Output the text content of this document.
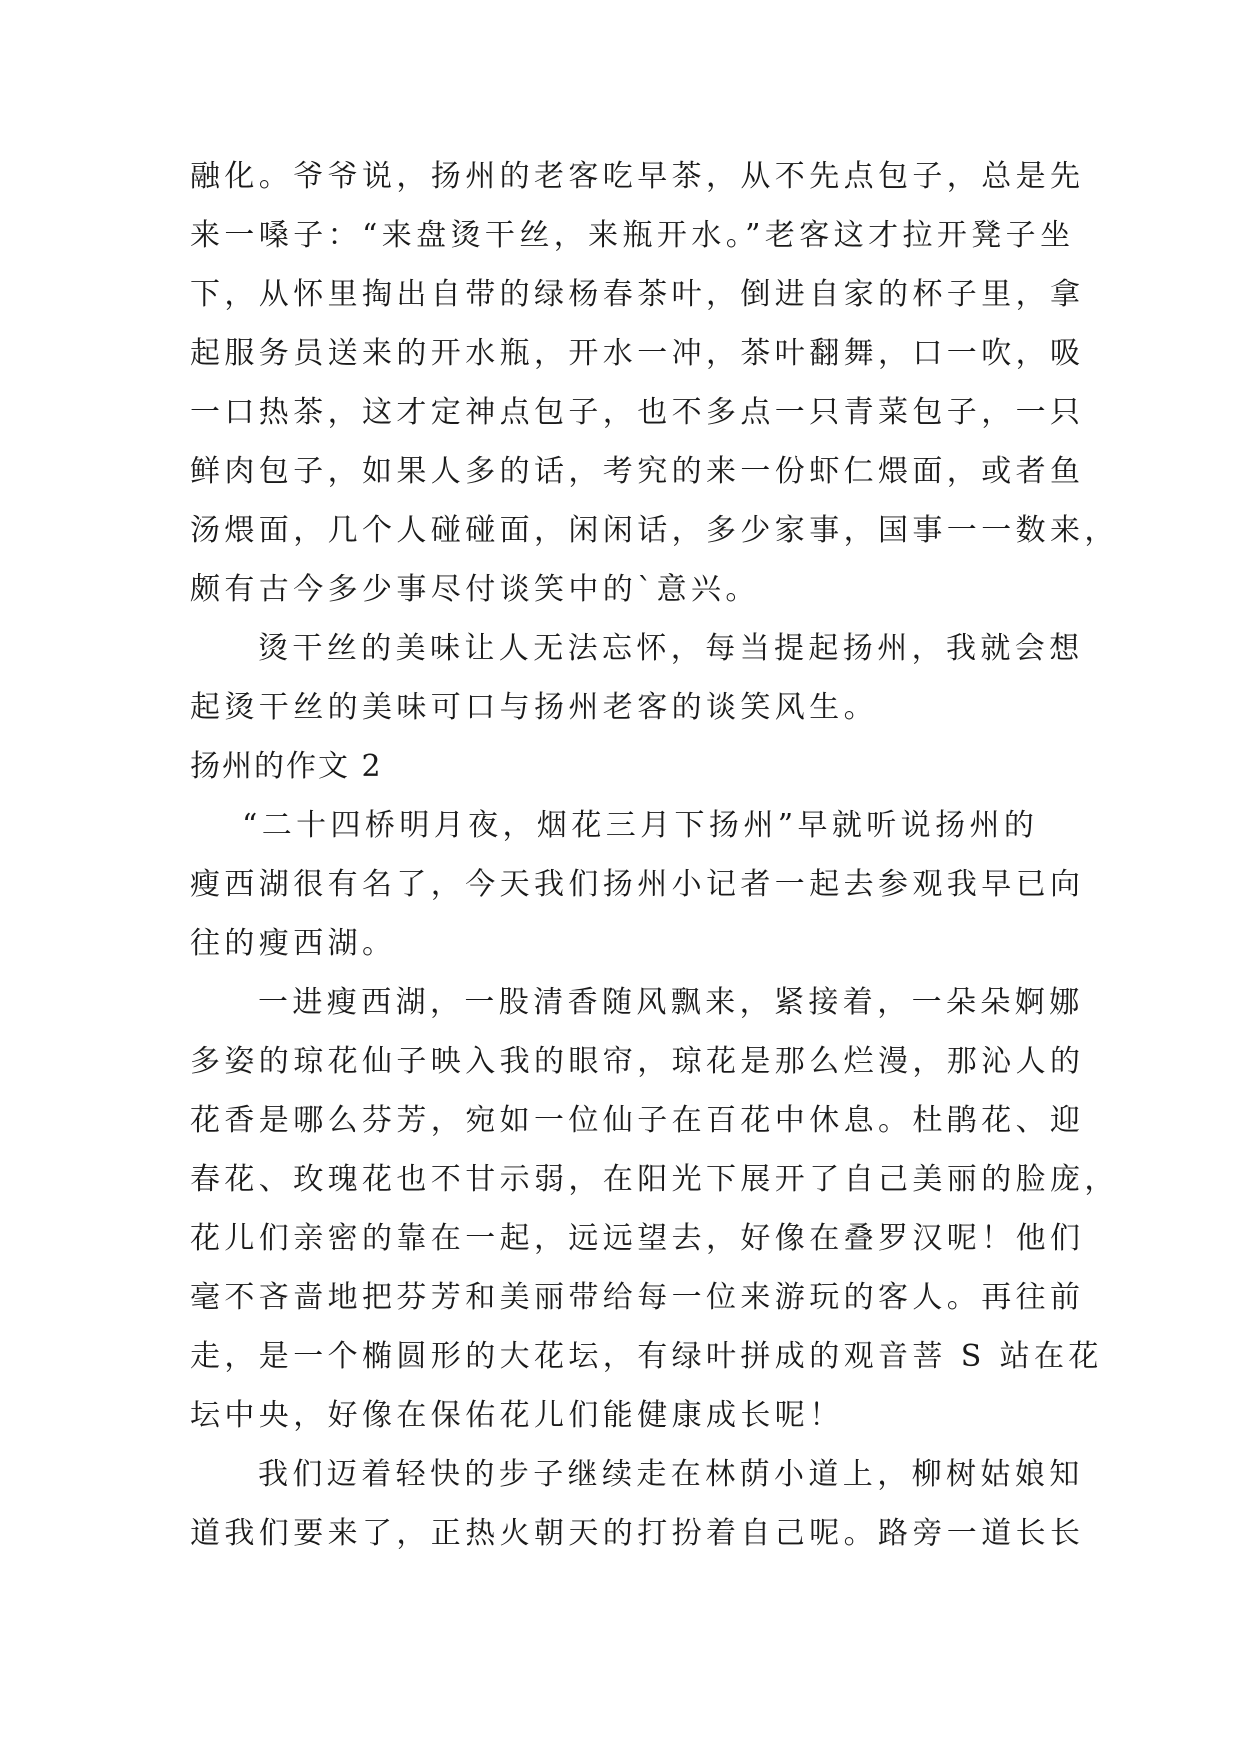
融化。爷爷说，扬州的老客吃早茶，从不先点包子，总是先
来一嗓子：“来盘烫干丝，来瓶开水。”老客这才拉开凳子坐
下，从怀里掏出自带的绿杨春茶叶，倒进自家的杯子里，拿
起服务员送来的开水瓶，开水一冲，茶叶翻舞，口一吹，吸
一口热茶，这才定神点包子，也不多点一只青菜包子，一只
鲜肉包子，如果人多的话，考究的来一份虾仁煨面，或者鱼
汤煨面，几个人碰碰面，闲闲话，多少家事，国事一一数来，
颇有古今多少事尽付谈笑中的`意兴。
烫干丝的美味让人无法忘怀，每当提起扬州，我就会想
起烫干丝的美味可口与扬州老客的谈笑风生。
扬州的作文 2
“二十四桥明月夜，烟花三月下扬州”早就听说扬州的
瘦西湖很有名了，今天我们扬州小记者一起去参观我早已向
往的瘦西湖。
一进瘦西湖，一股清香随风飘来，紧接着，一朵朵婀娜
多姿的琼花仙子映入我的眼帘，琼花是那么烂漫，那沁人的
花香是哪么芬芳，宛如一位仙子在百花中休息。杜鹃花、迎
春花、玫瑰花也不甘示弱，在阳光下展开了自己美丽的脸庞，
花儿们亲密的靠在一起，远远望去，好像在叠罗汉呢！他们
毫不吝啬地把芬芳和美丽带给每一位来游玩的客人。再往前
走，是一个椭圆形的大花坛，有绿叶拼成的观音菩 S 站在花
坛中央，好像在保佑花儿们能健康成长呢！
我们迈着轻快的步子继续走在林荫小道上，柳树姑娘知
道我们要来了，正热火朝天的打扮着自己呢。路旁一道长长
